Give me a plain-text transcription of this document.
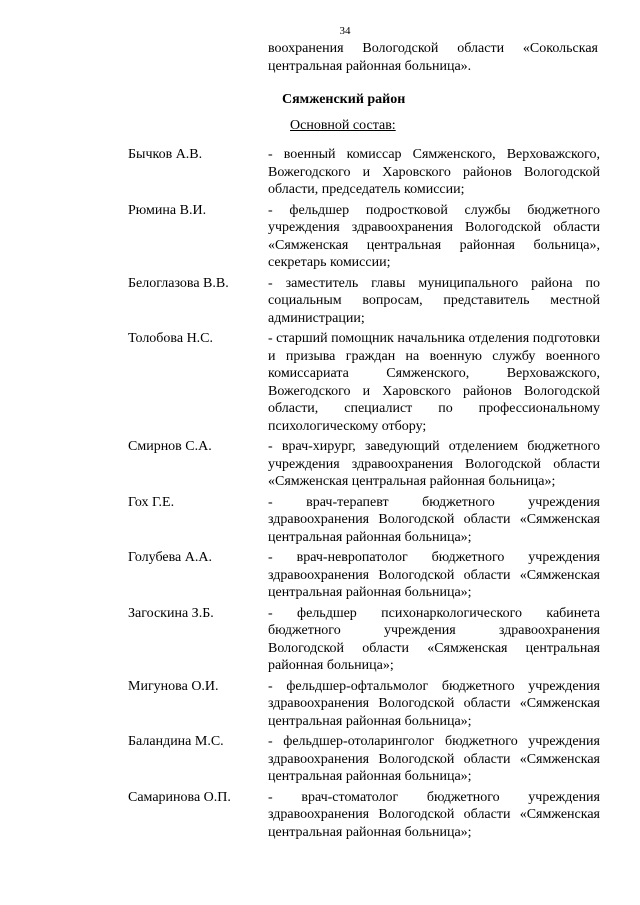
34
воохранения Вологодской области «Сокольская центральная районная больница».
Сямженский район
Основной состав:
Бычков А.В.	- военный комиссар Сямженского, Верховажского, Вожегодского и Харовского районов Вологодской области, председатель комиссии;
Рюмина В.И.	- фельдшер подростковой службы бюджетного учреждения здравоохранения Вологодской области «Сямженская центральная районная больница», секретарь комиссии;
Белоглазова В.В.	- заместитель главы муниципального района по социальным вопросам, представитель местной администрации;
Толобова Н.С.	- старший помощник начальника отделения подготовки и призыва граждан на военную службу военного комиссариата Сямженского, Верховажского, Вожегодского и Харовского районов Вологодской области, специалист по профессиональному психологическому отбору;
Смирнов С.А.	- врач-хирург, заведующий отделением бюджетного учреждения здравоохранения Вологодской области «Сямженская центральная районная больница»;
Гох Г.Е.	- врач-терапевт бюджетного учреждения здравоохранения Вологодской области «Сямженская центральная районная больница»;
Голубева А.А.	- врач-невропатолог бюджетного учреждения здравоохранения Вологодской области «Сямженская центральная районная больница»;
Загоскина З.Б.	- фельдшер психонаркологического кабинета бюджетного учреждения здравоохранения Вологодской области «Сямженская центральная районная больница»;
Мигунова О.И.	- фельдшер-офтальмолог бюджетного учреждения здравоохранения Вологодской области «Сямженская центральная районная больница»;
Баландина М.С.	- фельдшер-отоларинголог бюджетного учреждения здравоохранения Вологодской области «Сямженская центральная районная больница»;
Самаринова О.П.	- врач-стоматолог бюджетного учреждения здравоохранения Вологодской области «Сямженская центральная районная больница»;
